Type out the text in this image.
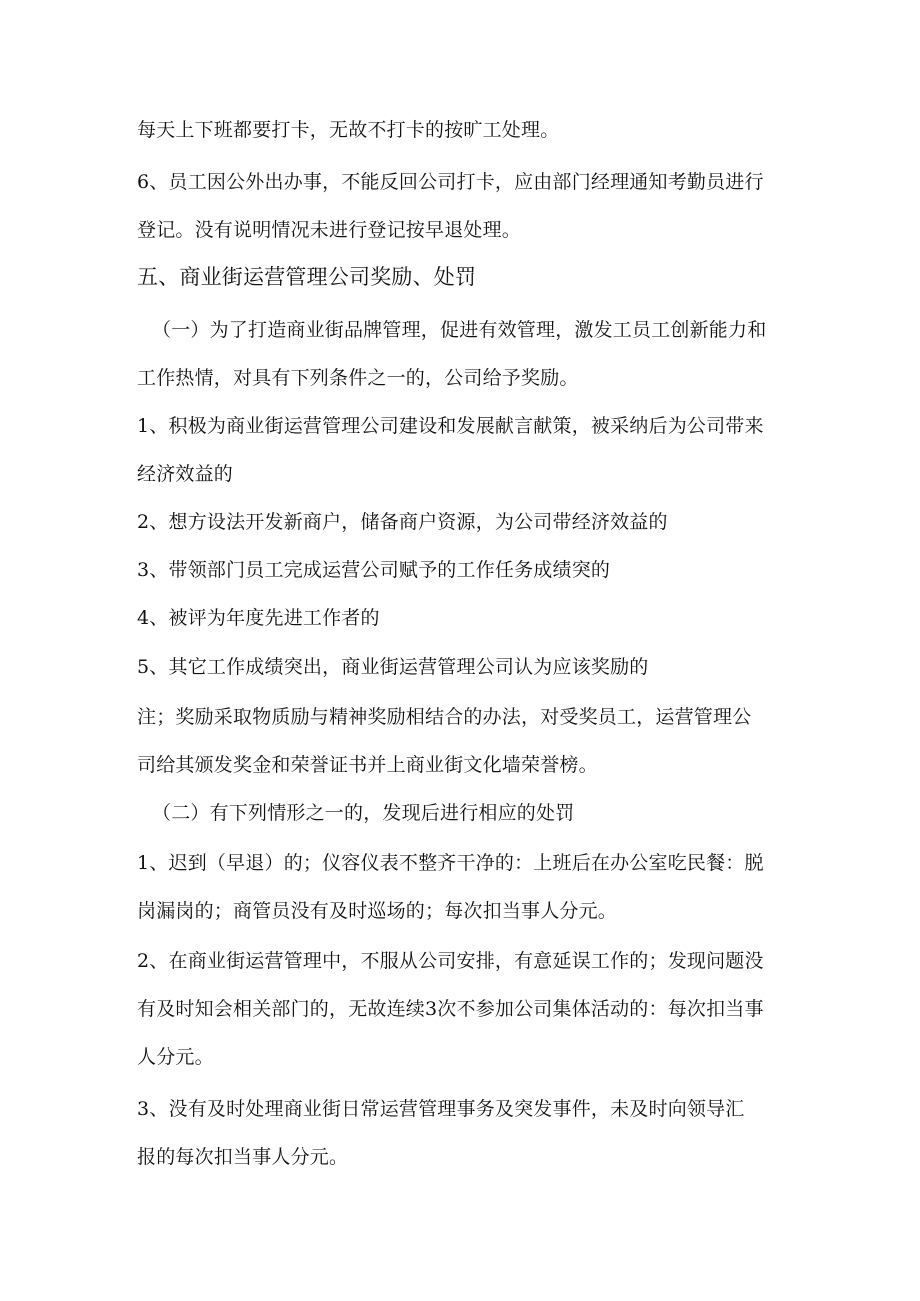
每天上下班都要打卡，无故不打卡的按旷工处理。
6、员工因公外出办事，不能反回公司打卡，应由部门经理通知考勤员进行
登记。没有说明情况未进行登记按早退处理。
五、商业街运营管理公司奖励、处罚
（一）为了打造商业街品牌管理，促进有效管理，激发工员工创新能力和
工作热情，对具有下列条件之一的，公司给予奖励。
1、积极为商业街运营管理公司建设和发展献言献策，被采纳后为公司带来
经济效益的
2、想方设法开发新商户，储备商户资源，为公司带经济效益的
3、带领部门员工完成运营公司赋予的工作任务成绩突的
4、被评为年度先进工作者的
5、其它工作成绩突出，商业街运营管理公司认为应该奖励的
注；奖励采取物质励与精神奖励相结合的办法，对受奖员工，运营管理公
司给其颁发奖金和荣誉证书并上商业街文化墙荣誉榜。
（二）有下列情形之一的，发现后进行相应的处罚
1、迟到（早退）的；仪容仪表不整齐干净的：上班后在办公室吃民餐：脱
岗漏岗的；商管员没有及时巡场的；每次扣当事人分元。
2、在商业街运营管理中，不服从公司安排，有意延误工作的；发现问题没
有及时知会相关部门的，无故连续3次不参加公司集体活动的：每次扣当事
人分元。
3、没有及时处理商业街日常运营管理事务及突发事件，未及时向领导汇
报的每次扣当事人分元。
